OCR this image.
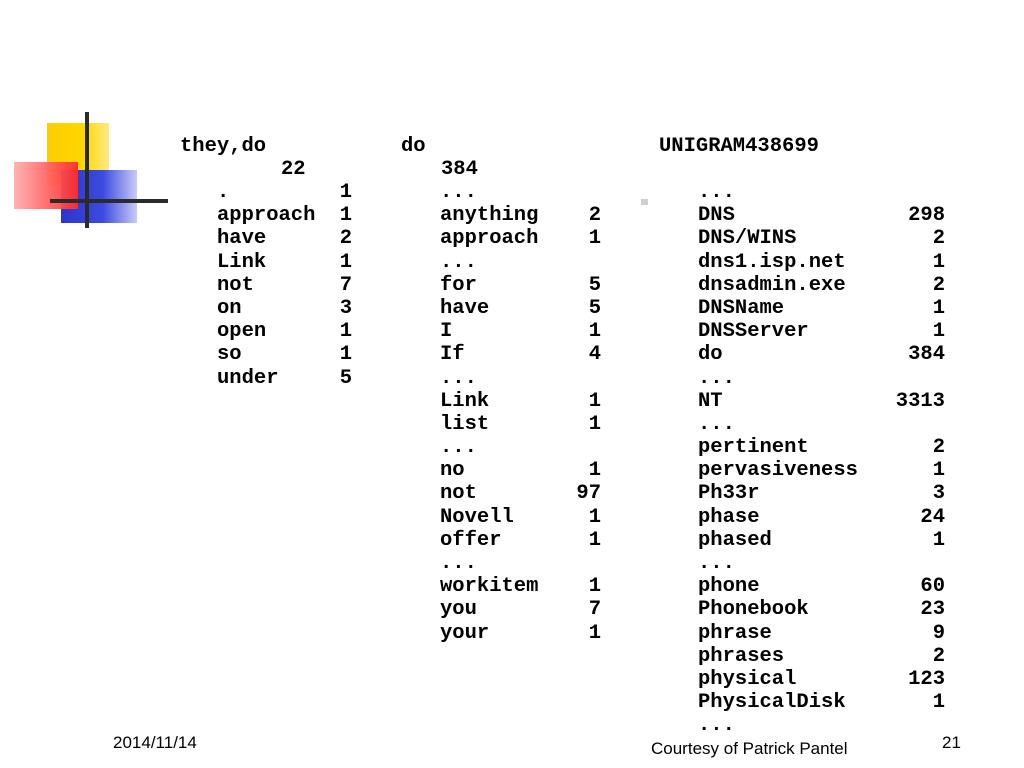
they,do

22

.	1
approach	1
have	2
Link	1
not	7
on	3
open	1
so	1
under	5

do

384

...
anything	2
approach	1
...
for	5
have	5
I	1
If	4
...
Link	1
list	1
...
no	1
not	97
Novell	1
offer	1
...
workitem	1
you	7
your	1

UNIGRAM438699

...
DNS	298
DNS/WINS	2
dns1.isp.net	1
dnsadmin.exe	2
DNSName	1
DNSServer	1
do	384
...
NT	3313
...
pertinent	2
pervasiveness	1
Ph33r	3
phase	24
phased	1
...
phone	60
Phonebook	23
phrase	9
phrases	2
physical	123
PhysicalDisk	1
...

2014/11/14	Courtesy of Patrick Pantel	21
